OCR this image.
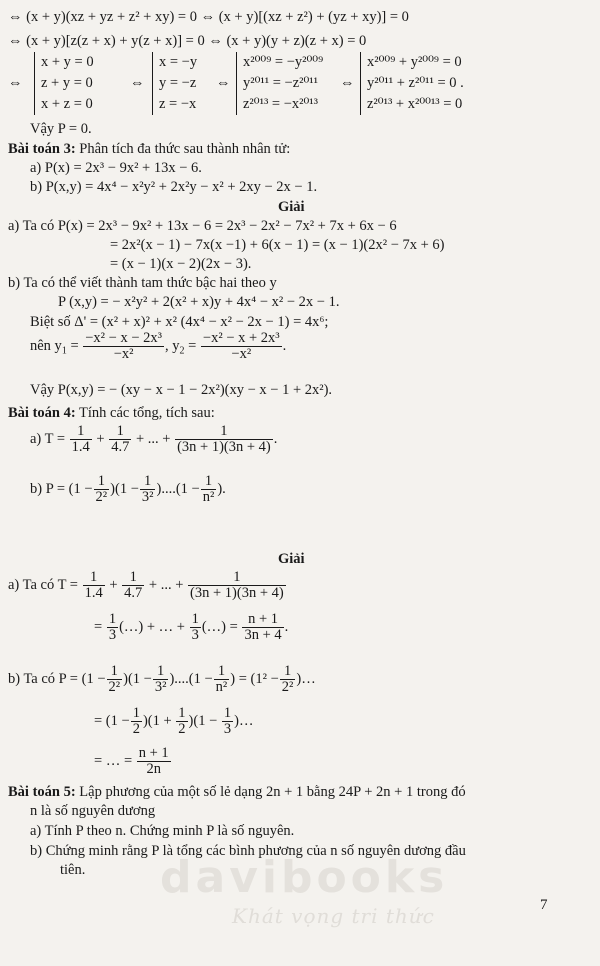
⇔ (x + y)(xz + yz + z² + xy) = 0 ⇔ (x + y)[(xz + z²) + (yz + xy)] = 0
⇔ (x + y)[z(z + x) + y(z + x)] = 0 ⇔ (x + y)(y + z)(z + x) = 0
⇔
x + y = 0
z + y = 0
x + z = 0
⇔
x = −y
y = −z
z = −x
⇔
x²⁰⁰⁹ = −y²⁰⁰⁹
y²⁰¹¹ = −z²⁰¹¹
z²⁰¹³ = −x²⁰¹³
⇔
x²⁰⁰⁹ + y²⁰⁰⁹ = 0
y²⁰¹¹ + z²⁰¹¹ = 0 .
z²⁰¹³ + x²⁰⁰¹³ = 0
Vậy P = 0.
Bài toán 3: Phân tích đa thức sau thành nhân tử:
a) P(x) = 2x³ − 9x² + 13x − 6.
b) P(x,y) = 4x⁴ − x²y² + 2x²y − x² + 2xy − 2x − 1.
Giải
a) Ta có P(x) = 2x³ − 9x² + 13x − 6 = 2x³ − 2x² − 7x² + 7x + 6x − 6
= 2x²(x − 1) − 7x(x −1) + 6(x − 1) = (x − 1)(2x² − 7x + 6)
= (x − 1)(x − 2)(2x − 3).
b) Ta có thể viết thành tam thức bậc hai theo y
P (x,y) = − x²y² + 2(x² + x)y + 4x⁴ − x² − 2x − 1.
Biệt số Δ' = (x² + x)² + x² (4x⁴ − x² − 2x − 1) = 4x⁶;
nên $y_1 = \frac{\text{−x² − x − 2x³}}{\text{−x²}}$ , $y_2 = \frac{\text{−x² − x + 2x³}}{\text{−x²}}$ .
Vậy P(x,y) = − (xy − x − 1 − 2x²)(xy − x − 1 + 2x²).
Bài toán 4: Tính các tổng, tích sau:
a) $T = \frac{1}{1.4} + \frac{1}{4.7}$ + ... + $\frac{1}{(3n + 1)(3n + 4)}$ .
b) $P = (1 - \frac{1}{\text{2²}} )(1 - \frac{1}{\text{3²}} )....(1 - \frac{1}{\text{n²}}$ ).
Giải
a) Ta có $T = \frac{1}{1.4} + \frac{1}{4.7}$ + ... + $\frac{1}{(3n + 1)(3n + 4)}$
= $\frac{1}{3}$ (…) + … + $\frac{1}{3}$ (…) = $\frac{n + 1}{3n + 4}$ .
b) Ta có $P = (1 - \frac{1}{\text{2²}} )(1 - \frac{1}{\text{3²}} )....(1 - \frac{1}{\text{n²}}$ ) = ($1^2 - \frac{1}{\text{2²}}$ )…
= $(1 - \frac{1}{2} )(1 + \frac{1}{2} )(1 - \frac{1}{3}$ )…
= … = $\frac{n + 1}{2n}$
Bài toán 5: Lập phương của một số lẻ dạng 2n + 1 bằng 24P + 2n + 1 trong đó
n là số nguyên dương
a) Tính P theo n. Chứng minh P là số nguyên.
b) Chứng minh rằng P là tổng các bình phương của n số nguyên dương đầu
tiên. davibooks
Khát vọng tri thức	7
